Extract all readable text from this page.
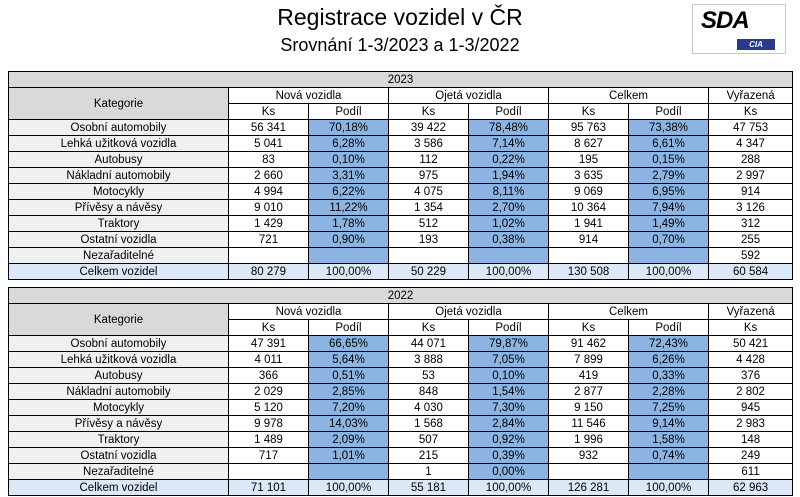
Registrace vozidel v ČR
Srovnání 1-3/2023 a 1-3/2022
SDA
CIA
2023							
Kategorie	Nová vozidla		Ojetá vozidla		Celkem		Vyřazená
	Ks	Podíl	Ks	Podíl	Ks	Podíl	Ks
Osobní automobily	56 341	70,18%	39 422	78,48%	95 763	73,38%	47 753
Lehká užitková vozidla	5 041	6,28%	3 586	7,14%	8 627	6,61%	4 347
Autobusy	83	0,10%	112	0,22%	195	0,15%	288
Nákladní automobily	2 660	3,31%	975	1,94%	3 635	2,79%	2 997
Motocykly	4 994	6,22%	4 075	8,11%	9 069	6,95%	914
Přívěsy a návěsy	9 010	11,22%	1 354	2,70%	10 364	7,94%	3 126
Traktory	1 429	1,78%	512	1,02%	1 941	1,49%	312
Ostatní vozidla	721	0,90%	193	0,38%	914	0,70%	255
Nezařaditelné							592
Celkem vozidel	80 279	100,00%	50 229	100,00%	130 508	100,00%	60 584
2022							
Kategorie	Nová vozidla		Ojetá vozidla		Celkem		Vyřazená
	Ks	Podíl	Ks	Podíl	Ks	Podíl	Ks
Osobní automobily	47 391	66,65%	44 071	79,87%	91 462	72,43%	50 421
Lehká užitková vozidla	4 011	5,64%	3 888	7,05%	7 899	6,26%	4 428
Autobusy	366	0,51%	53	0,10%	419	0,33%	376
Nákladní automobily	2 029	2,85%	848	1,54%	2 877	2,28%	2 802
Motocykly	5 120	7,20%	4 030	7,30%	9 150	7,25%	945
Přívěsy a návěsy	9 978	14,03%	1 568	2,84%	11 546	9,14%	2 983
Traktory	1 489	2,09%	507	0,92%	1 996	1,58%	148
Ostatní vozidla	717	1,01%	215	0,39%	932	0,74%	249
Nezařaditelné			1	0,00%			611
Celkem vozidel	71 101	100,00%	55 181	100,00%	126 281	100,00%	62 963
